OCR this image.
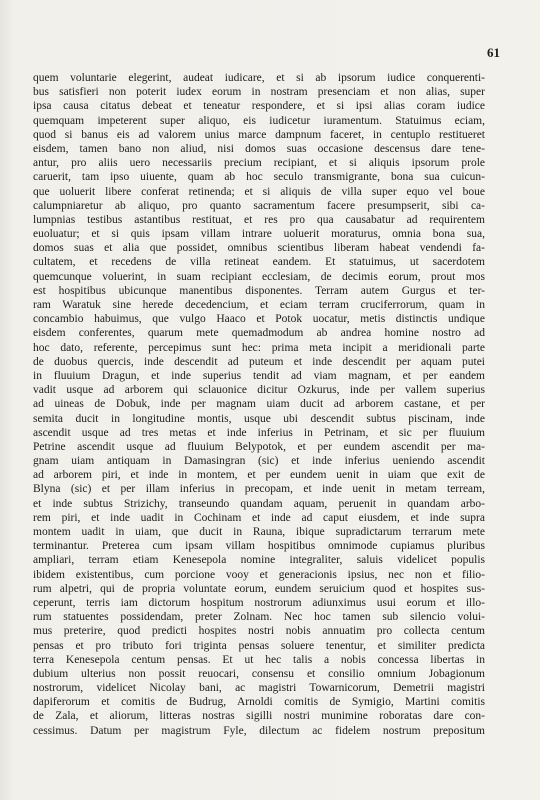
61
quem voluntarie elegerint, audeat iudicare, et si ab ipsorum iudice conquerenti-
bus satisfieri non poterit iudex eorum in nostram presenciam et non alias, super
ipsa causa citatus debeat et teneatur respondere, et si ipsi alias coram iudice
quemquam impeterent super aliquo, eis iudicetur iuramentum. Statuimus eciam,
quod si banus eis ad valorem unius marce dampnum faceret, in centuplo restitueret
eisdem, tamen bano non aliud, nisi domos suas occasione descensus dare tene-
antur, pro aliis uero necessariis precium recipiant, et si aliquis ipsorum prole
caruerit, tam ipso uiuente, quam ab hoc seculo transmigrante, bona sua cuicun-
que uoluerit libere conferat retinenda; et si aliquis de villa super equo vel boue
calumpniaretur ab aliquo, pro quanto sacramentum facere presumpserit, sibi ca-
lumpnias testibus astantibus restituat, et res pro qua causabatur ad requirentem
euoluatur; et si quis ipsam villam intrare uoluerit moraturus, omnia bona sua,
domos suas et alia que possidet, omnibus scientibus liberam habeat vendendi fa-
cultatem, et recedens de villa retineat eandem. Et statuimus, ut sacerdotem
quemcunque voluerint, in suam recipiant ecclesiam, de decimis eorum, prout mos
est hospitibus ubicunque manentibus disponentes. Terram autem Gurgus et ter-
ram Waratuk sine herede decedencium, et eciam terram cruciferrorum, quam in
concambio habuimus, que vulgo Haaco et Potok uocatur, metis distinctis undique
eisdem conferentes, quarum mete quemadmodum ab andrea homine nostro ad
hoc dato, referente, percepimus sunt hec: prima meta incipit a meridionali parte
de duobus quercis, inde descendit ad puteum et inde descendit per aquam putei
in fluuium Dragun, et inde superius tendit ad viam magnam, et per eandem
vadit usque ad arborem qui sclauonice dicitur Ozkurus, inde per vallem superius
ad uineas de Dobuk, inde per magnam uiam ducit ad arborem castane, et per
semita ducit in longitudine montis, usque ubi descendit subtus piscinam, inde
ascendit usque ad tres metas et inde inferius in Petrinam, et sic per fluuium
Petrine ascendit usque ad fluuium Belypotok, et per eundem ascendit per ma-
gnam uiam antiquam in Damasingran (sic) et inde inferius ueniendo ascendit
ad arborem piri, et inde in montem, et per eundem uenit in uiam que exit de
Blyna (sic) et per illam inferius in precopam, et inde uenit in metam terream,
et inde subtus Strizichy, transeundo quandam aquam, peruenit in quandam arbo-
rem piri, et inde uadit in Cochinam et inde ad caput eiusdem, et inde supra
montem uadit in uiam, que ducit in Rauna, ibique supradictarum terrarum mete
terminantur. Preterea cum ipsam villam hospitibus omnimode cupiamus pluribus
ampliari, terram etiam Kenesepola nomine integraliter, saluis videlicet populis
ibidem existentibus, cum porcione vooy et generacionis ipsius, nec non et filio-
rum alpetri, qui de propria voluntate eorum, eundem seruicium quod et hospites sus-
ceperunt, terris iam dictorum hospitum nostrorum adiunximus usui eorum et illo-
rum statuentes possidendam, preter Zolnam. Nec hoc tamen sub silencio volui-
mus preterire, quod predicti hospites nostri nobis annuatim pro collecta centum
pensas et pro tributo fori triginta pensas soluere tenentur, et similiter predicta
terra Kenesepola centum pensas. Et ut hec talis a nobis concessa libertas in
dubium ulterius non possit reuocari, consensu et consilio omnium Jobagionum
nostrorum, videlicet Nicolay bani, ac magistri Towarnicorum, Demetrii magistri
dapiferorum et comitis de Budrug, Arnoldi comitis de Symigio, Martini comitis
de Zala, et aliorum, litteras nostras sigilli nostri munimine roboratas dare con-
cessimus. Datum per magistrum Fyle, dilectum ac fidelem nostrum prepositum
